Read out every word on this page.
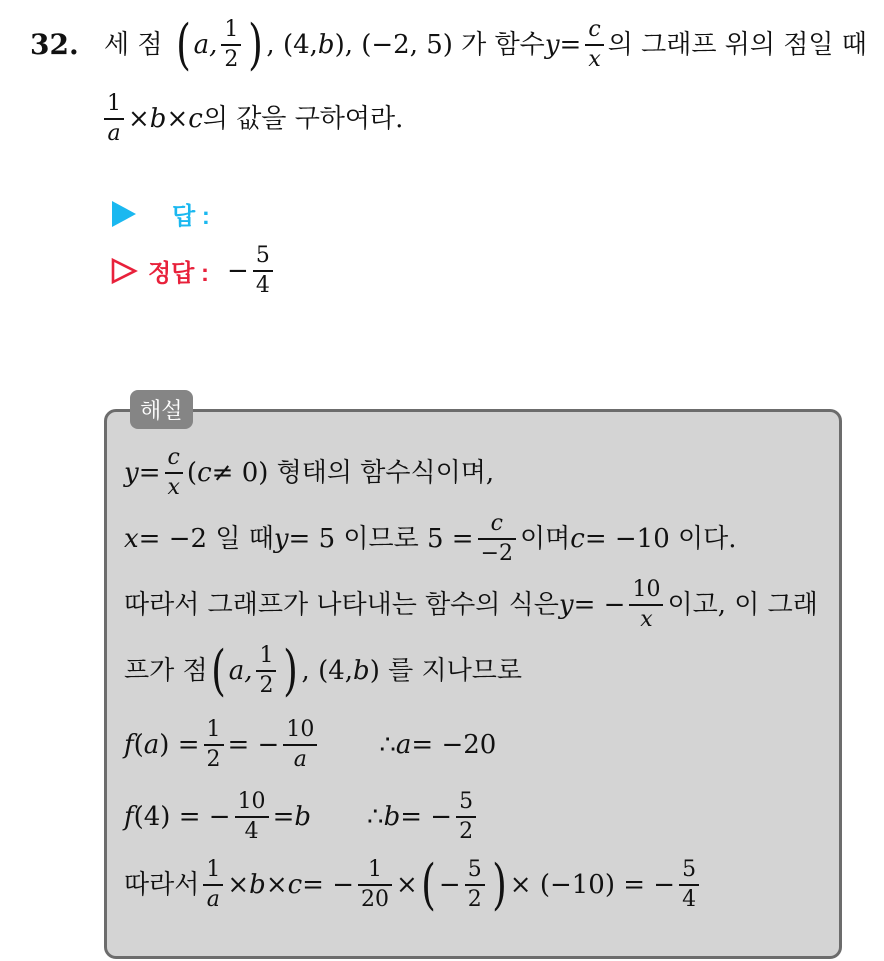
32. 세 점 ( a, $\frac{1}{2}$ ) , (4, b ), (−2, 5) 가 함수 $y = \frac{c}{x}$ 의 그래프 위의 점일 때
$\frac{1}{a} \times b \times c$ 의 값을 구하여라.
답 :
정답 : − $\frac{5}{4}$
해설
$y = \frac{c}{x}$ ( c ≠ 0) 형태의 함수식이며,
x = −2 일 때 y = 5 이므로 $5 = \frac{c}{-2}$ 이며 c = −10 이다.
따라서 그래프가 나타내는 함수의 식은 y = − $\frac{10}{x}$ 이고, 이 그래
프가 점 ( a, $\frac{1}{2}$ ) , (4, b ) 를 지나므로
f ( a ) = $\frac{1}{2}$ = − $\frac{10}{a}$ ∴ a = −20
f (4) = − $\frac{10}{4} = b$ ∴ b = − $\frac{5}{2}$
따라서 $\frac{1}{a} \times b \times c$ = − $\frac{1}{20}$ × ( − $\frac{5}{2}$ ) × (−10) = − $\frac{5}{4}$
